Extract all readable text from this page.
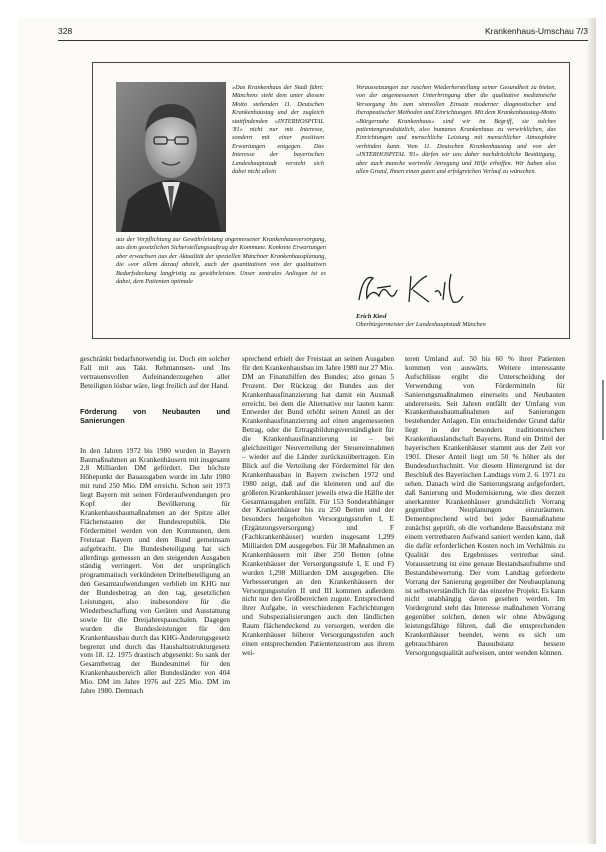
328	Krankenhaus-Umschau 7/3
»Das Krankenhaus der Stadt führt: Münchens sieht dem unter diesem Motto stehenden 11. Deutschen Krankenhaustag und der zugleich stattfindenden »INTERHOSPITAL '81« nicht nur mit Interesse, sondern mit einer positiven Erwartungen entgegen. Das Interesse der bayerischen Landeshauptstadt versteht sich dabei nicht allein
aus der Verpflichtung zur Gewährleistung angemessener Krankenhausversorgung, aus dem gesetzlichen Sicherstellungsauftrag der Kommune. Konkrete Erwartungen aber erwachsen aus der Aktualität der speziellen Münchner Krankenhausplanung, die »vor allem darauf abzielt, auch der quantitativen von der qualitativen Bedarfsdeckung langfristig zu gewährleisten. Unser zentrales Anliegen ist es dabei, dem Patienten optimale
Voraussetzungen zur raschen Wiederherstellung seiner Gesundheit zu bieten, von der angemessenen Unterbringung über die qualitative medizinische Versorgung bis zum sinnvollen Einsatz moderner diagnostischer und therapeutischer Methoden und Einrichtungen. Mit dem Krankenhaustag-Motto »Bürgernahe Krankenhaus« sind wir im Begriff, sie solches patientengrundsätzlich, also humanes Krankenhaus zu verwirklichen, das Einrichtungen und menschliche Leistung mit menschlicher Atmosphäre verbinden kann. Vom 11. Deutschen Krankenhaustag und von der »INTERHOSPITAL '81« dürfen wir uns daher nachdrückliche Bestätigung, aber auch manche wertvolle Anregung und Hilfe erhoffen. Wir haben also allen Grund, Ihnen einen guten und erfolgreichen Verlauf zu wünschen.
Erich Kiesl
Oberbürgermeister der Landeshauptstadt München

geschränkt bedarfsnotwendig ist. Doch ein solcher Fall mit aus Takt. Rehmannsen- und Ins vertrauensvollen Aufeinanderzugehen aller Beteiligten lösbar wäre, liegt freilich auf der Hand.

Förderung von Neubauten und Sanierungen

In den Jahren 1972 bis 1980 wurden in Bayern Baumaßnahmen an Krankenhäusern mit insgesamt 2,8 Milliarden DM gefördert. Der höchste Höhepunkt der Bauausgaben wurde im Jahr 1980 mit rund 250 Mio. DM erreicht. Schon seit 1973 liegt Bayern mit seinen Förderaufwendungen pro Kopf der Bevölkerung für Krankenhausbaumaßnahmen an der Spitze aller Flächenstaaten der Bundesrepublik. Die Fördermittel werden von den Kommunen, dem Freistaat Bayern und dem Bund gemeinsam aufgebracht. Die Bundesbeteiligung hat sich allerdings gemessen an den steigenden Ausgaben ständig verringert. Von der ursprünglich programmatisch verkündeten Drittelbeteiligung an den Gesamtaufwendungen verblieb im KHG nur der Bundesbetrag an den tag, gesetzlichen Leistungen, also insbesondere für die Wiederbeschaffung von Geräten und Ausstattung sowie für die Dreijahrespauschalen. Dagegen wurden die Bundesleistungen für den Krankenhausbau durch das KHG-Änderungsgesetz begrenzt und durch das Haushaltsstrukturgesetz vom 18. 12. 1975 drastisch abgesenkt: So sank der Gesamtbetrag der Bundesmittel für den Krankenhausbereich aller Bundesländer von 404 Mio. DM im Jahre 1976 auf 225 Mio. DM im Jahre 1980. Demnach

sprechend erhielt der Freistaat an seinen Ausgaben für den Krankenhausbau im Jahre 1980 nur 27 Mio. DM an Finanzhilfen des Bundes; also genau 5 Prozent. Der Rückzug der Bundes aus der Krankenhausfinanzierung hat damit ein Ausmaß erreicht, bei dem die Alternative nur lauten kann: Entweder der Bund erhöht seinen Anteil an der Krankenhausfinanzierung auf einen angemessenen Betrag, oder die Ertragsbildungsverständigkeit für die Krankenhausfinanzierung ist – bei gleichzeitiger Neuverteilung der Steuereinnahmen – wieder auf die Länder zurückzuübertragen. Ein Blick auf die Verteilung der Fördermittel für den Krankenhausbau in Bayern zwischen 1972 und 1980 zeigt, daß auf die kleineren und auf die größeren Krankenhäuser jeweils etwa die Hälfte der Gesamtausgaben entfällt. Für 153 Sonderabhänger der Krankenhäuser bis zu 250 Betten und der besonders hergeholten Versorgungsstufen I, E (Ergänzungsversorgung) und F (Fachkrankenhäuser) wurden insgesamt 1,299 Milliarden DM ausgegeben. Für 38 Maßnahmen an Krankenhäusern mit über 250 Betten (ohne Krankenhäuser der Versorgungsstufe I, E und F) wurden 1,298 Milliarden DM ausgegeben. Die Verbesserungen an den Krankenhäusern der Versorgungsstufen II und III kommen außerdem nicht nur den Großbereichen zugute. Entsprechend ihrer Aufgabe, in verschiedenen Fachrichtungen und Subspezialisierungen auch den ländlichen Raum flächendeckend zu versorgen, werden die Krankenhäuser höherer Versorgungsstufen auch einen entsprechenden Patientenzustrom aus ihrem wei-

teren Umland auf. 50 bis 60 % ihrer Patienten kommen von auswärts. Weitere interessante Aufschlüsse ergibt die Unterscheidung der Verwendung von Fördermitteln für Sanierungsmaßnahmen einerseits und Neubauten andererseits. Seit Jahren entfällt der Umfang von Krankenhausbaumaßnahmen auf Sanierungen bestehender Anlagen. Ein entscheidender Grund dafür liegt in der besonders traditionsreichen Krankenhauslandschaft Bayerns. Rund ein Drittel der bayerischen Krankenhäuser stammt aus der Zeit vor 1901. Dieser Anteil liegt um 50 % höher als der Bundesdurchschnitt. Vor diesem Hintergrund ist der Beschluß des Bayerischen Landtags vom 2. 6. 1971 zu sehen. Danach wird die Sanierungsrang aufgefordert, daß Sanierung und Modernisierung, wie dies derzeit anerkannter Krankenhäuser grundsätzlich Vorrang gegenüber Neuplanungen einzuräumen. Dementsprechend wird bei jeder Baumaßnahme zunächst geprüft, ob die vorhandene Bausubstanz mit einem vertretbaren Aufwand saniert werden kann, daß die dafür erforderlichen Kosten noch im Verhältnis zu Qualität des Ergebnisses vertretbar sind. Voraussetzung ist eine genaue Bestandsaufnahme und Bestandsbewertung. Der vom Landtag geforderte Vorrang der Sanierung gegenüber der Neubauplanung ist selbstverständlich für das einzelne Projekt. Es kann nicht unabhängig davon gesehen werden. Im Vordergrund steht das Interesse maßnahmen Vorrang gegenüber solchen, denen wir ohne Abwägung leistungsfähige führen, daß die entsprechenden Krankenhäuser beendet, wenn es sich um gebrauchbaren Bausubstanz bessere Versorgungsqualität aufweisen, unter wenden können.
